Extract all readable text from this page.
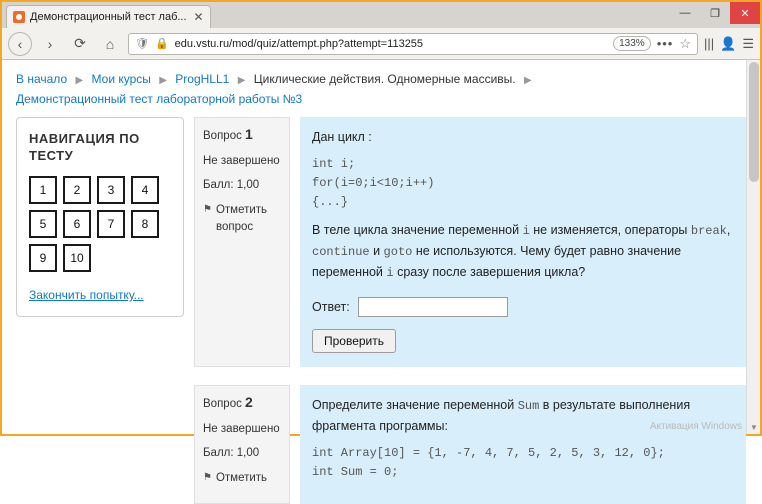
Демонстрационный тест лаб... ✕	—	❐	✕
‹	›	⟳	⌂	🛡 🔒 edu.vstu.ru/mod/quiz/attempt.php?attempt=113255	133% ••• ☆ ||| 👤 ☰
В начало ▶ Мои курсы ▶ ProgHLL1 ▶ Циклические действия. Одномерные массивы. ▶
Демонстрационный тест лабораторной работы №3
НАВИГАЦИЯ ПО ТЕСТУ
1	2	3	4
5	6	7	8
9	10
Закончить попытку...
Вопрос 1
Не завершено
Балл: 1,00
⚑ Отметить вопрос
Дан цикл :
int i;
for(i=0;i<10;i++)
{...}
В теле цикла значение переменной i не изменяется, операторы break, continue и goto не используются. Чему будет равно значение переменной i сразу после завершения цикла?
Ответ:
Проверить
Вопрос 2
Не завершено
Балл: 1,00
⚑ Отметить
Определите значение переменной Sum в результате выполнения фрагмента программы:
int Array[10] = {1, -7, 4, 7, 5, 2, 5, 3, 12, 0};
int Sum = 0;
▼
Активация Windows
